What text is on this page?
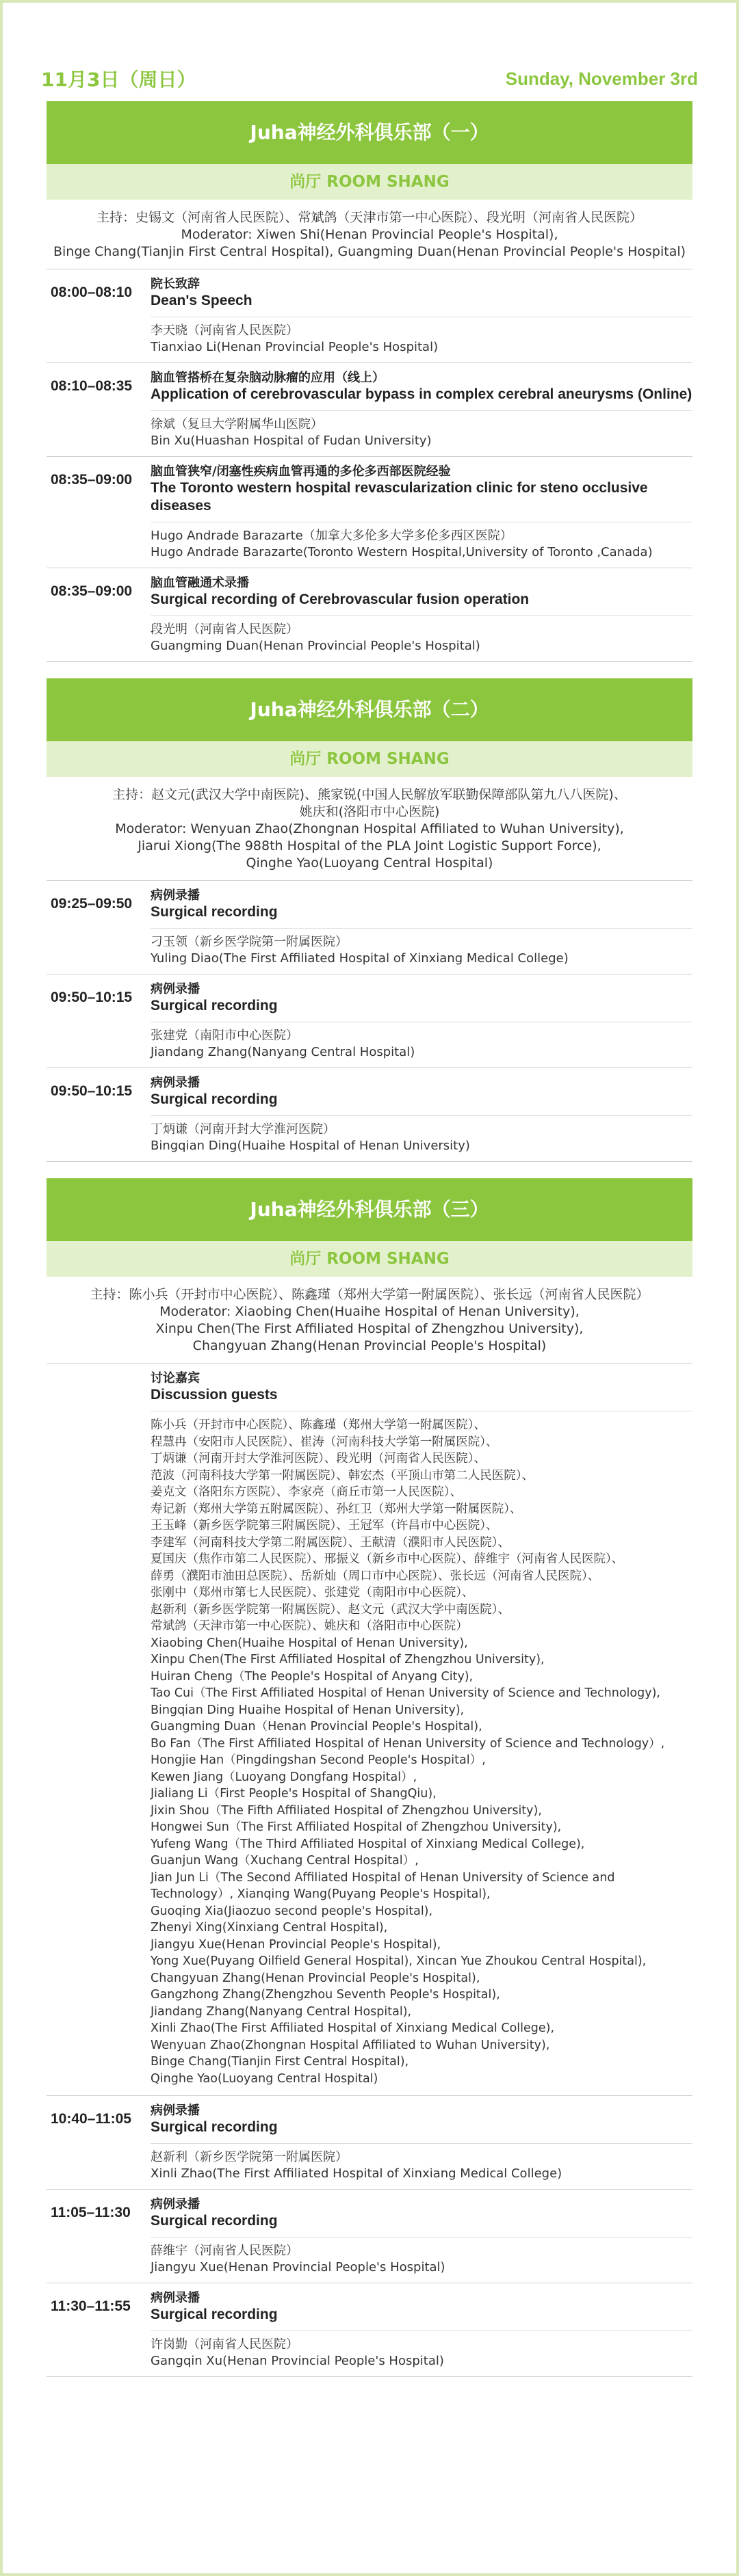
11月3日（周日）	Sunday, November 3rd
Juha神经外科俱乐部（一）
尚厅 ROOM SHANG
主持：史锡文（河南省人民医院）、常斌鸽（天津市第一中心医院）、段光明（河南省人民医院）
Moderator: Xiwen Shi(Henan Provincial People's Hospital),
Binge Chang(Tianjin First Central Hospital), Guangming Duan(Henan Provincial People's Hospital)
08:00–08:10
院长致辞
Dean's Speech
李天晓（河南省人民医院）
Tianxiao Li(Henan Provincial People's Hospital)
08:10–08:35
脑血管搭桥在复杂脑动脉瘤的应用（线上）
Application of cerebrovascular bypass in complex cerebral aneurysms (Online)
徐斌（复旦大学附属华山医院）
Bin Xu(Huashan Hospital of Fudan University)
08:35–09:00
脑血管狭窄/闭塞性疾病血管再通的多伦多西部医院经验
The Toronto western hospital revascularization clinic for steno occlusive diseases
Hugo Andrade Barazarte（加拿大多伦多大学多伦多西区医院）
Hugo Andrade Barazarte(Toronto Western Hospital,University of Toronto ,Canada)
08:35–09:00
脑血管融通术录播
Surgical recording of Cerebrovascular fusion operation
段光明（河南省人民医院）
Guangming Duan(Henan Provincial People's Hospital)
Juha神经外科俱乐部（二）
尚厅 ROOM SHANG
主持：赵文元(武汉大学中南医院)、熊家锐(中国人民解放军联勤保障部队第九八八医院)、
姚庆和(洛阳市中心医院)
Moderator: Wenyuan Zhao(Zhongnan Hospital Affiliated to Wuhan University),
Jiarui Xiong(The 988th Hospital of the PLA Joint Logistic Support Force),
Qinghe Yao(Luoyang Central Hospital)
09:25–09:50
病例录播
Surgical recording
刁玉领（新乡医学院第一附属医院）
Yuling Diao(The First Affiliated Hospital of Xinxiang Medical College)
09:50–10:15
病例录播
Surgical recording
张建党（南阳市中心医院）
Jiandang Zhang(Nanyang Central Hospital)
09:50–10:15
病例录播
Surgical recording
丁炳谦（河南开封大学淮河医院）
Bingqian Ding(Huaihe Hospital of Henan University)
Juha神经外科俱乐部（三）
尚厅 ROOM SHANG
主持：陈小兵（开封市中心医院）、陈鑫瑾（郑州大学第一附属医院）、张长远（河南省人民医院）
Moderator: Xiaobing Chen(Huaihe Hospital of Henan University),
Xinpu Chen(The First Affiliated Hospital of Zhengzhou University),
Changyuan Zhang(Henan Provincial People's Hospital)
讨论嘉宾
Discussion guests
陈小兵（开封市中心医院）、陈鑫瑾（郑州大学第一附属医院）、
程慧冉（安阳市人民医院）、崔涛（河南科技大学第一附属医院）、
丁炳谦（河南开封大学淮河医院）、段光明（河南省人民医院）、
范波（河南科技大学第一附属医院）、韩宏杰（平顶山市第二人民医院）、
姜克文（洛阳东方医院）、李家亮（商丘市第一人民医院）、
寿记新（郑州大学第五附属医院）、孙红卫（郑州大学第一附属医院）、
王玉峰（新乡医学院第三附属医院）、王冠军（许昌市中心医院）、
李建军（河南科技大学第二附属医院）、王献清（濮阳市人民医院）、
夏国庆（焦作市第二人民医院）、邢振义（新乡市中心医院）、薛维宇（河南省人民医院）、
薛勇（濮阳市油田总医院）、岳新灿（周口市中心医院）、张长远（河南省人民医院）、
张刚中（郑州市第七人民医院）、张建党（南阳市中心医院）、
赵新利（新乡医学院第一附属医院）、赵文元（武汉大学中南医院）、
常斌鸽（天津市第一中心医院）、姚庆和（洛阳市中心医院）
Xiaobing Chen(Huaihe Hospital of Henan University),
Xinpu Chen(The First Affiliated Hospital of Zhengzhou University),
Huiran Cheng（The People's Hospital of Anyang City),
Tao Cui（The First Affiliated Hospital of Henan University of Science and Technology),
Bingqian Ding Huaihe Hospital of Henan University),
Guangming Duan（Henan Provincial People's Hospital),
Bo Fan（The First Affiliated Hospital of Henan University of Science and Technology）,
Hongjie Han（Pingdingshan Second People's Hospital）,
Kewen Jiang（Luoyang Dongfang Hospital）,
Jialiang Li（First People's Hospital of ShangQiu),
Jixin Shou（The Fifth Affiliated Hospital of Zhengzhou University),
Hongwei Sun（The First Affiliated Hospital of Zhengzhou University),
Yufeng Wang（The Third Affiliated Hospital of Xinxiang Medical College),
Guanjun Wang（Xuchang Central Hospital）,
Jian Jun Li（The Second Affiliated Hospital of Henan University of Science and
Technology）, Xianqing Wang(Puyang People's Hospital),
Guoqing Xia(Jiaozuo second people's Hospital),
Zhenyi Xing(Xinxiang Central Hospital),
Jiangyu Xue(Henan Provincial People's Hospital),
Yong Xue(Puyang Oilfield General Hospital), Xincan Yue Zhoukou Central Hospital),
Changyuan Zhang(Henan Provincial People's Hospital),
Gangzhong Zhang(Zhengzhou Seventh People's Hospital),
Jiandang Zhang(Nanyang Central Hospital),
Xinli Zhao(The First Affiliated Hospital of Xinxiang Medical College),
Wenyuan Zhao(Zhongnan Hospital Affiliated to Wuhan University),
Binge Chang(Tianjin First Central Hospital),
Qinghe Yao(Luoyang Central Hospital)
10:40–11:05
病例录播
Surgical recording
赵新利（新乡医学院第一附属医院）
Xinli Zhao(The First Affiliated Hospital of Xinxiang Medical College)
11:05–11:30
病例录播
Surgical recording
薛维宇（河南省人民医院）
Jiangyu Xue(Henan Provincial People's Hospital)
11:30–11:55
病例录播
Surgical recording
许岗勤（河南省人民医院）
Gangqin Xu(Henan Provincial People's Hospital)
